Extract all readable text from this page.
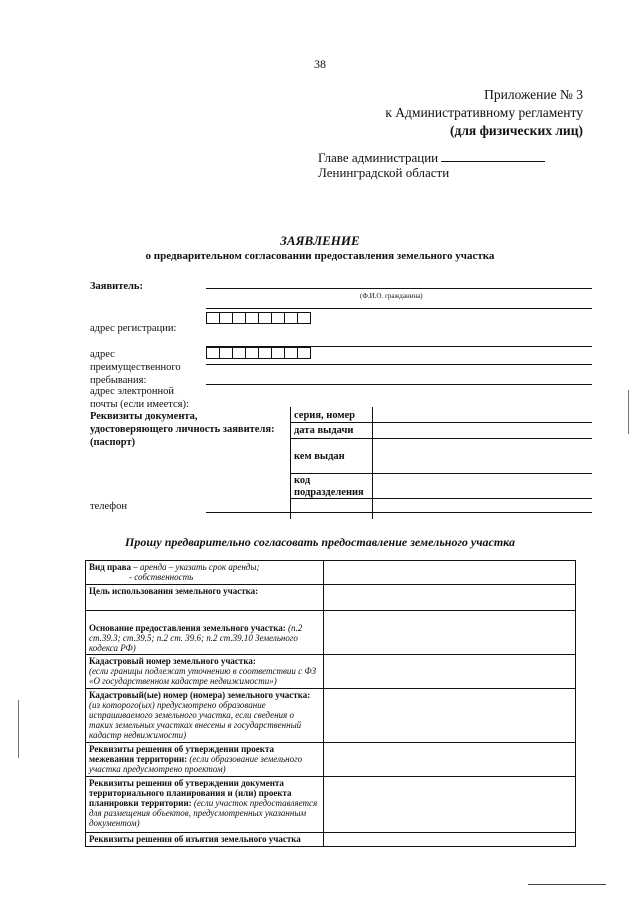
38
Приложение № 3
к Административному регламенту
(для физических лиц)
Главе администрации
Ленинградской области
ЗАЯВЛЕНИЕ
о предварительном согласовании предоставления земельного участка
Заявитель:
(Ф.И.О. гражданина)
адрес регистрации:
адрес
преимущественного
пребывания:
адрес электронной
почты (если имеется):
Реквизиты документа,
удостоверяющего личность заявителя:
(паспорт)
серия, номер
дата выдачи
кем выдан
код
подразделения
телефон
Прошу предварительно согласовать предоставление земельного участка
Вид права – аренда – указать срок аренды;
- собственность	
Цель использования земельного участка:	
Основание предоставления земельного участка: (п.2 ст.39.3; ст.39.5; п.2 ст. 39.6; п.2 ст.39.10 Земельного кодекса РФ)	
Кадастровый номер земельного участка:
(если границы подлежат уточнению в соответствии с ФЗ «О государственном кадастре недвижимости»)	
Кадастровый(ые) номер (номера) земельного участка: (из которого(ых) предусмотрено образование испрашиваемого земельного участка, если сведения о таких земельных участках внесены в государственный кадастр недвижимости)	
Реквизиты решения об утверждении проекта межевания территории: (если образование земельного участка предусмотрено проектом)	
Реквизиты решения об утверждении документа территориального планирования и (или) проекта планировки территории: (если участок предоставляется для размещения объектов, предусмотренных указанным документом)	
Реквизиты решения об изъятия земельного участка	
